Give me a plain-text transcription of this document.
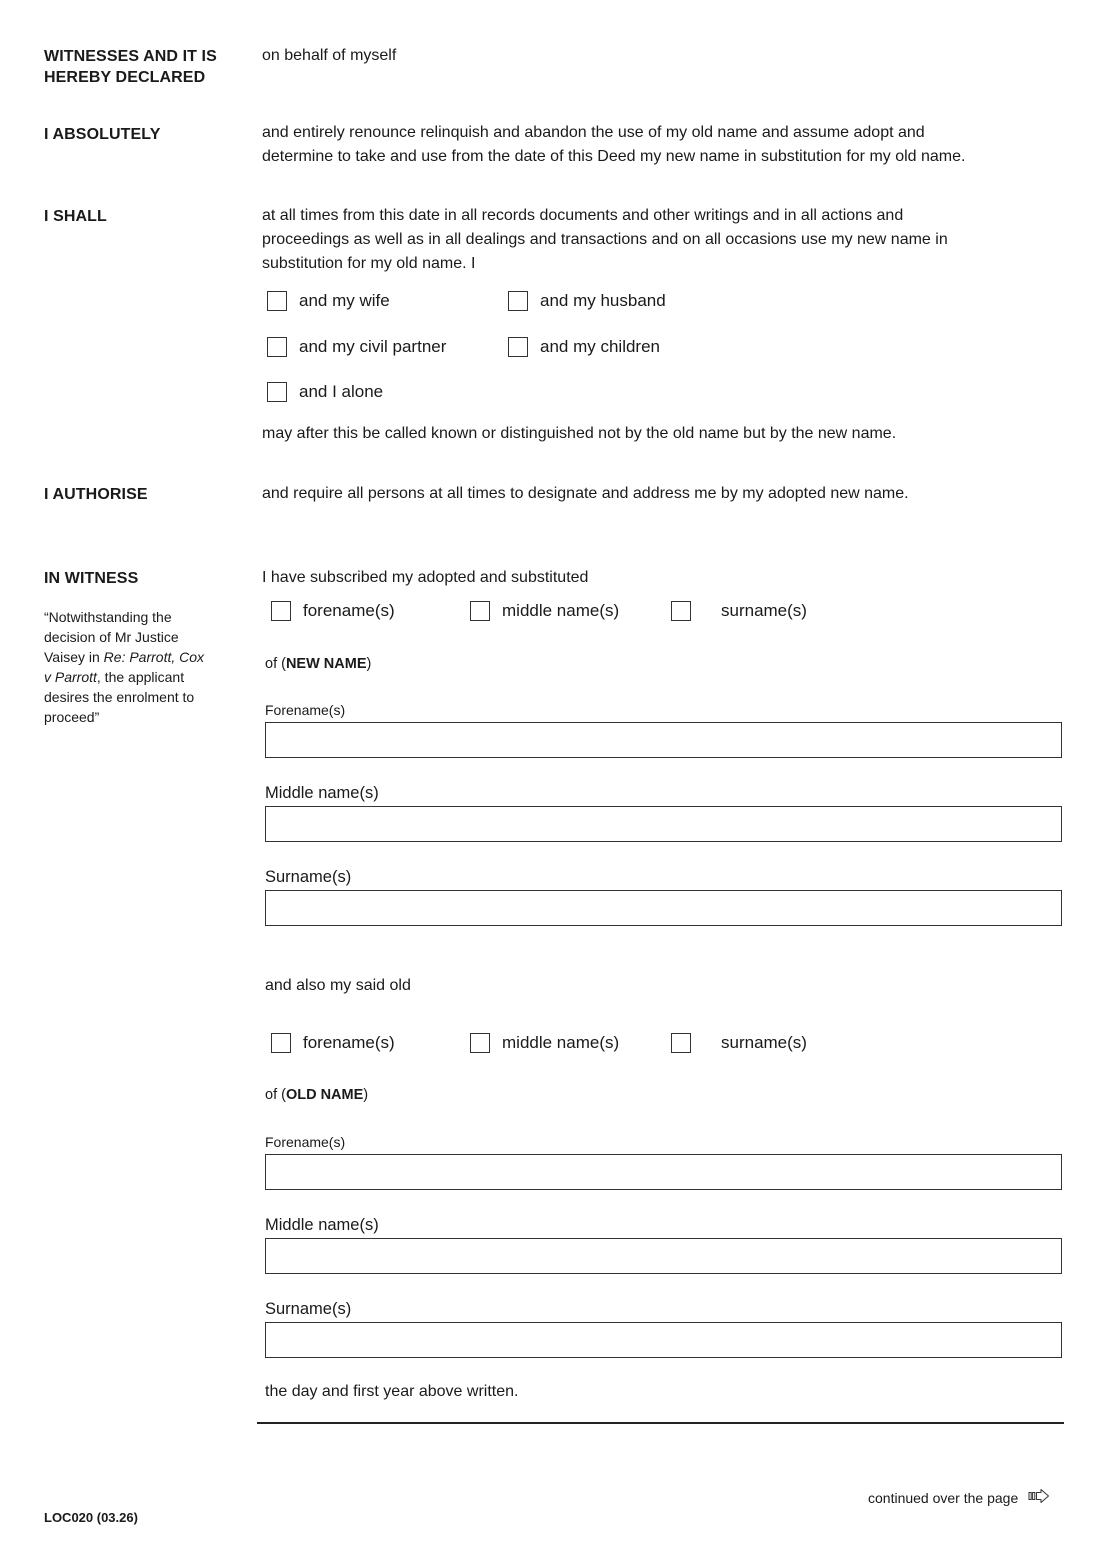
WITNESSES AND IT IS
HEREBY DECLARED
on behalf of myself
I ABSOLUTELY	and entirely renounce relinquish and abandon the use of my old name and assume adopt and
determine to take and use from the date of this Deed my new name in substitution for my old name.
I SHALL	at all times from this date in all records documents and other writings and in all actions and
proceedings as well as in all dealings and transactions and on all occasions use my new name in
substitution for my old name. I
and my wife	and my husband
and my civil partner	and my children
and I alone
may after this be called known or distinguished not by the old name but by the new name.
I AUTHORISE	and require all persons at all times to designate and address me by my adopted new name.
IN WITNESS
“Notwithstanding the
decision of Mr Justice
Vaisey in Re: Parrott, Cox
v Parrott, the applicant
desires the enrolment to
proceed”
I have subscribed my adopted and substituted
forename(s)	middle name(s)	surname(s)
of (NEW NAME)
Forename(s)
Middle name(s)
Surname(s)
and also my said old
forename(s)	middle name(s)	surname(s)
of (OLD NAME)
Forename(s)
Middle name(s)
Surname(s)
the day and first year above written.
continued over the page
LOC020 (03.26)
